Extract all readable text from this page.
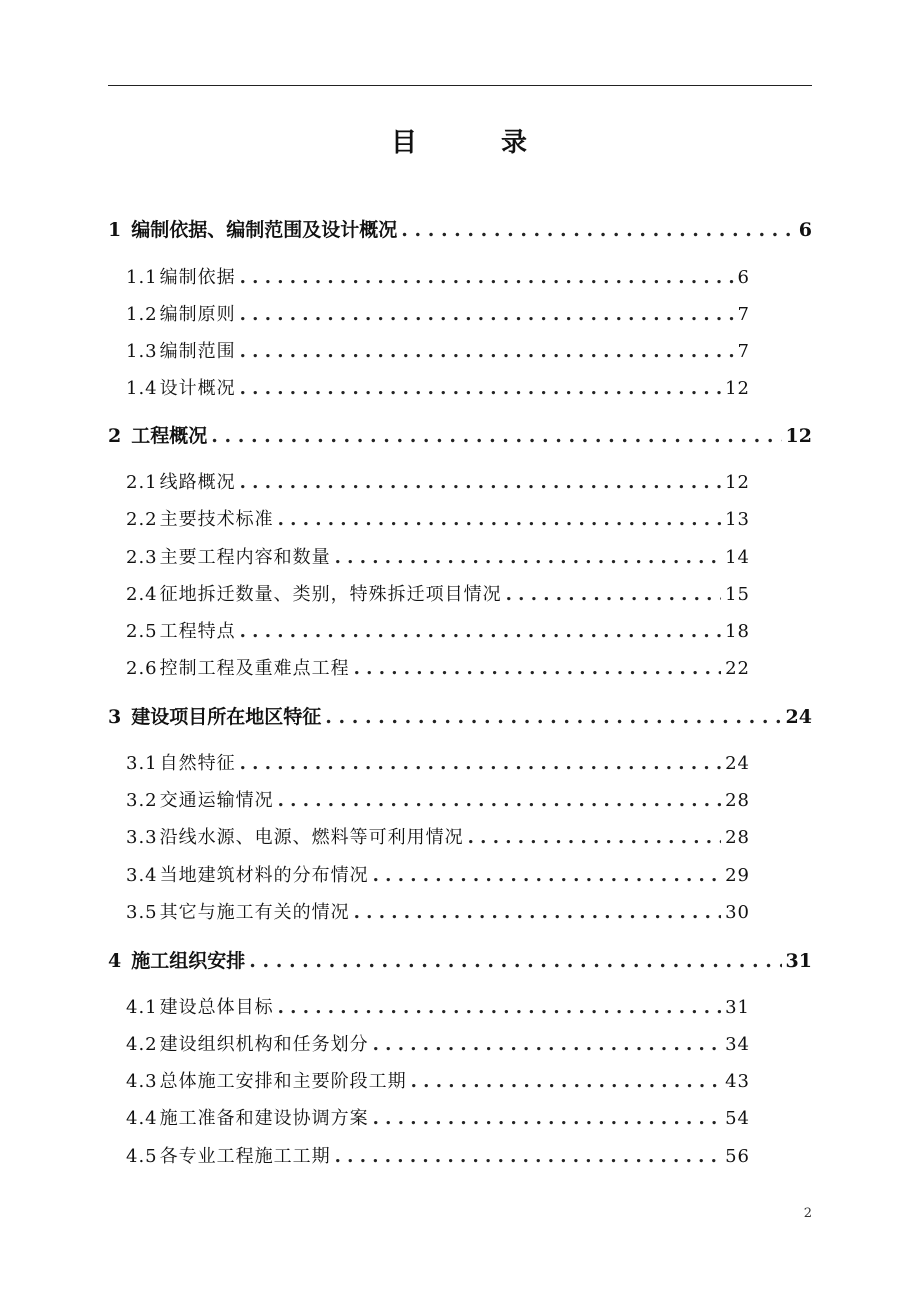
目	录
1 编制依据、编制范围及设计概况 . . .	6
1.1 编制依据 . . .	6
1.2 编制原则 . . .	7
1.3 编制范围 . . .	7
1.4 设计概况 . . .	12
2 工程概况 . . .	12
2.1 线路概况 . . .	12
2.2 主要技术标准 . . .	13
2.3 主要工程内容和数量 . . .	14
2.4 征地拆迁数量、类别，特殊拆迁项目情况 . . .	15
2.5 工程特点 . . .	18
2.6 控制工程及重难点工程 . . .	22
3 建设项目所在地区特征 . . .	24
3.1 自然特征 . . .	24
3.2 交通运输情况 . . .	28
3.3 沿线水源、电源、燃料等可利用情况 . . .	28
3.4 当地建筑材料的分布情况 . . .	29
3.5 其它与施工有关的情况 . . .	30
4 施工组织安排 . . .	31
4.1 建设总体目标 . . .	31
4.2 建设组织机构和任务划分 . . .	34
4.3 总体施工安排和主要阶段工期 . . .	43
4.4 施工准备和建设协调方案 . . .	54
4.5 各专业工程施工工期 . . .	56
2
